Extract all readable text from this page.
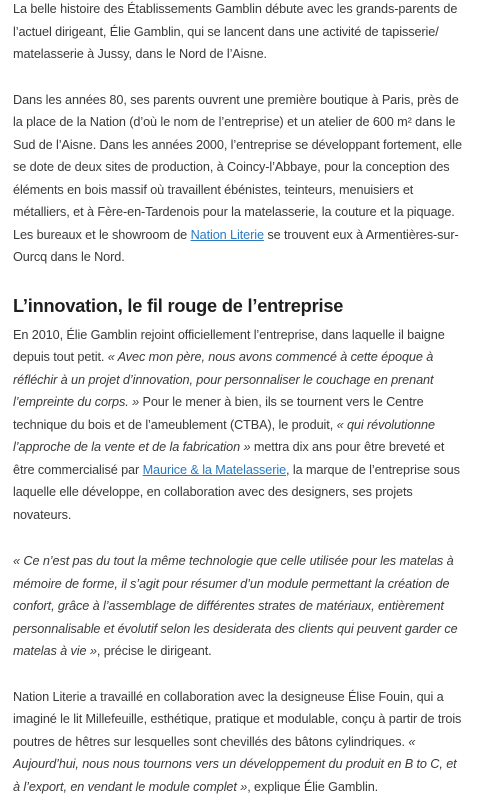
La belle histoire des Établissements Gamblin débute avec les grands-parents de l’actuel dirigeant, Élie Gamblin, qui se lancent dans une activité de tapisserie/ matelasserie à Jussy, dans le Nord de l’Aisne.

Dans les années 80, ses parents ouvrent une première boutique à Paris, près de la place de la Nation (d’où le nom de l’entreprise) et un atelier de 600 m² dans le Sud de l’Aisne. Dans les années 2000, l’entreprise se développant fortement, elle se dote de deux sites de production, à Coincy-l’Abbaye, pour la conception des éléments en bois massif où travaillent ébénistes, teinteurs, menuisiers et métalliers, et à Fère-en-Tardenois pour la matelasserie, la couture et la piquage. Les bureaux et le showroom de Nation Literie se trouvent eux à Armentières-sur-Ourcq dans le Nord.

L’innovation, le fil rouge de l’entreprise

En 2010, Élie Gamblin rejoint officiellement l’entreprise, dans laquelle il baigne depuis tout petit. « Avec mon père, nous avons commencé à cette époque à réfléchir à un projet d’innovation, pour personnaliser le couchage en prenant l’empreinte du corps. » Pour le mener à bien, ils se tournent vers le Centre technique du bois et de l’ameublement (CTBA), le produit, « qui révolutionne l’approche de la vente et de la fabrication » mettra dix ans pour être breveté et être commercialisé par Maurice & la Matelasserie, la marque de l’entreprise sous laquelle elle développe, en collaboration avec des designers, ses projets novateurs.

« Ce n’est pas du tout la même technologie que celle utilisée pour les matelas à mémoire de forme, il s’agit pour résumer d’un module permettant la création de confort, grâce à l’assemblage de différentes strates de matériaux, entièrement personnalisable et évolutif selon les desiderata des clients qui peuvent garder ce matelas à vie », précise le dirigeant.

Nation Literie a travaillé en collaboration avec la designeuse Élise Fouin, qui a imaginé le lit Millefeuille, esthétique, pratique et modulable, conçu à partir de trois poutres de hêtres sur lesquelles sont chevillés des bâtons cylindriques. « Aujourd’hui, nous nous tournons vers un développement du produit en B to C, et à l’export, en vendant le module complet », explique Élie Gamblin.
